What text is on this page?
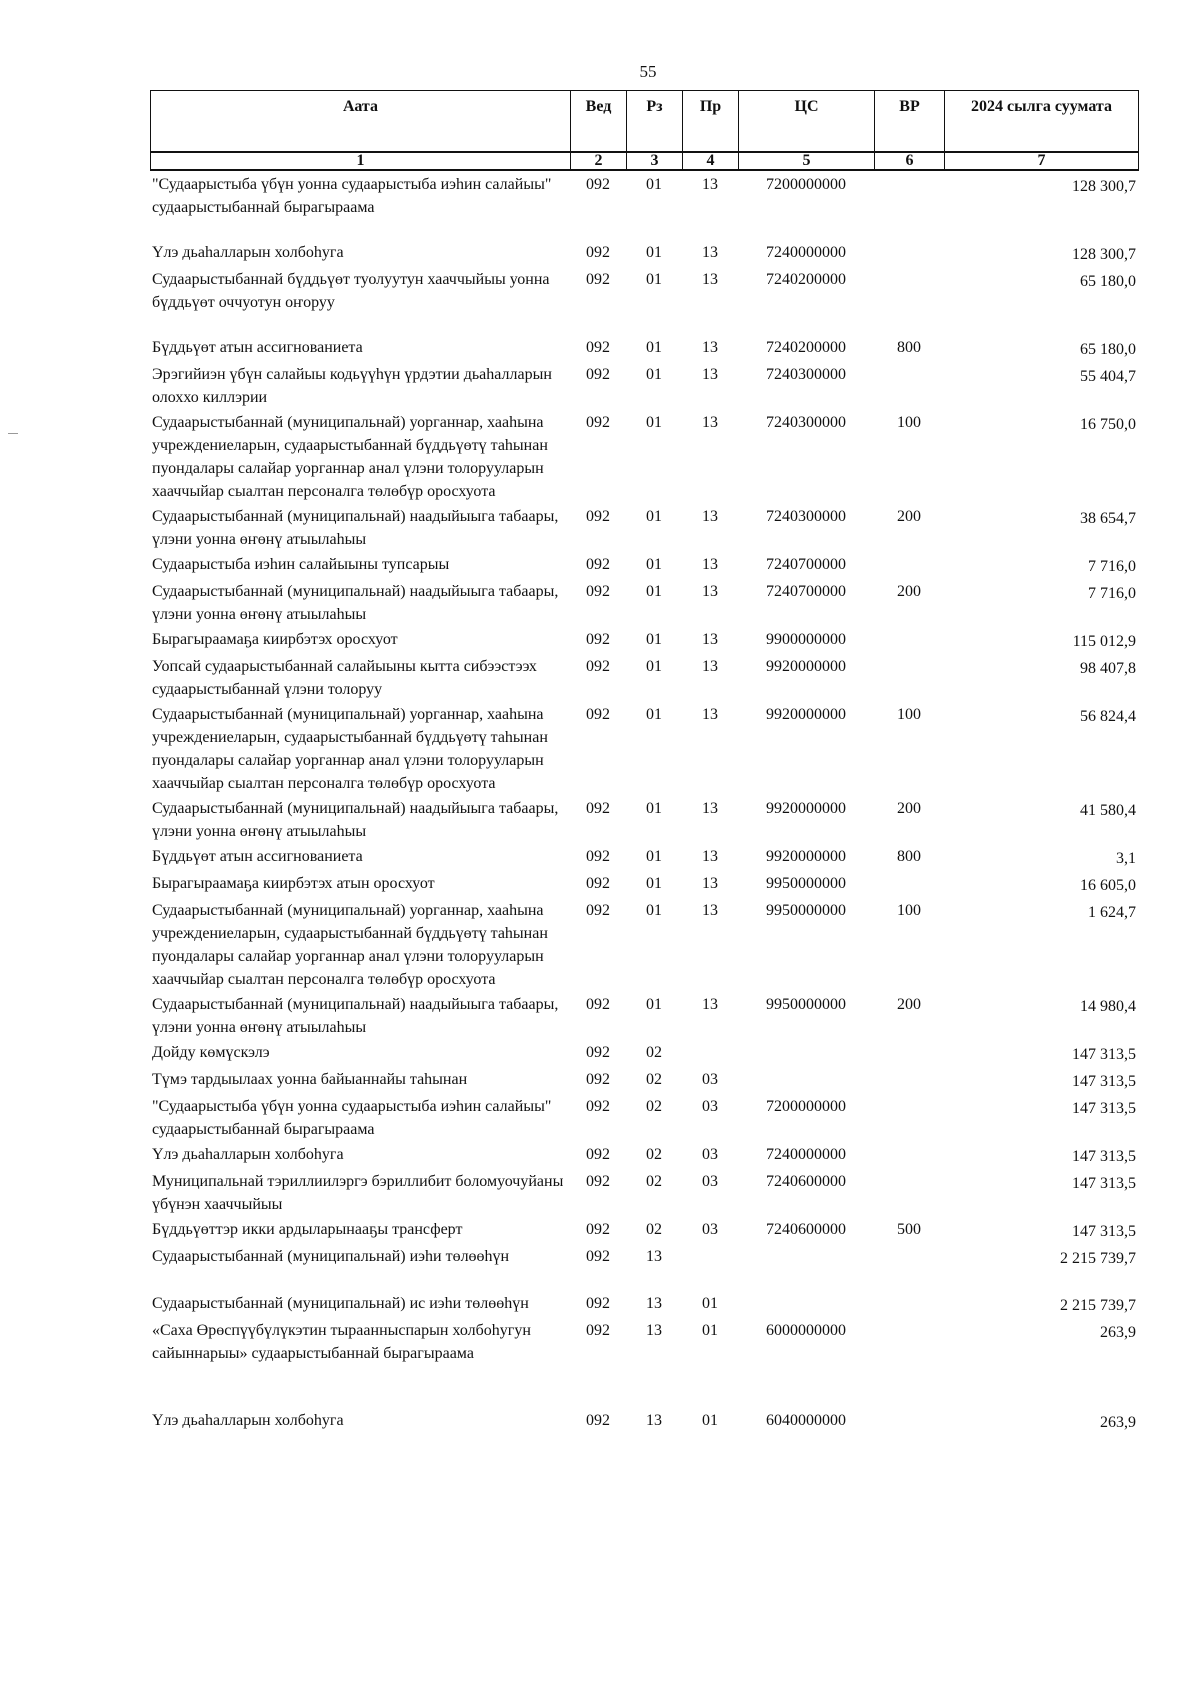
55
Аата	Вед	Рз	Пр	ЦС	ВР	2024 сылга суумата
1	2	3	4	5	6	7
"Судаарыстыба үбүн уонна судаарыстыба иэһин салайыы" судаарыстыбаннай бырагыраама	092	01	13	7200000000		128 300,7
Үлэ дьаһалларын холбоһуга	092	01	13	7240000000		128 300,7
Судаарыстыбаннай бүддьүөт туолуутун хааччыйыы уонна бүддьүөт оччуотун оҥоруу	092	01	13	7240200000		65 180,0
Бүддьүөт атын ассигнованиета	092	01	13	7240200000	800	65 180,0
Эрэгийиэн үбүн салайыы кодьүүһүн үрдэтии дьаһалларын олоххо киллэрии	092	01	13	7240300000		55 404,7
Судаарыстыбаннай (муниципальнай) уорганнар, хааһына учреждениеларын, судаарыстыбаннай бүддьүөтү таһынан пуондалары салайар уорганнар анал үлэни толорууларын хааччыйар сыалтан персоналга төлөбүр оросхуота	092	01	13	7240300000	100	16 750,0
Судаарыстыбаннай (муниципальнай) наадыйыыга табаары, үлэни уонна өҥөнү атыылаһыы	092	01	13	7240300000	200	38 654,7
Судаарыстыба иэһин салайыыны тупсарыы	092	01	13	7240700000		7 716,0
Судаарыстыбаннай (муниципальнай) наадыйыыга табаары, үлэни уонна өҥөнү атыылаһыы	092	01	13	7240700000	200	7 716,0
Бырагыраамаҕа киирбэтэх оросхуот	092	01	13	9900000000		115 012,9
Уопсай судаарыстыбаннай салайыыны кытта сибээстээх судаарыстыбаннай үлэни толоруу	092	01	13	9920000000		98 407,8
Судаарыстыбаннай (муниципальнай) уорганнар, хааһына учреждениеларын, судаарыстыбаннай бүддьүөтү таһынан пуондалары салайар уорганнар анал үлэни толорууларын хааччыйар сыалтан персоналга төлөбүр оросхуота	092	01	13	9920000000	100	56 824,4
Судаарыстыбаннай (муниципальнай) наадыйыыга табаары, үлэни уонна өҥөнү атыылаһыы	092	01	13	9920000000	200	41 580,4
Бүддьүөт атын ассигнованиета	092	01	13	9920000000	800	3,1
Бырагыраамаҕа киирбэтэх атын оросхуот	092	01	13	9950000000		16 605,0
Судаарыстыбаннай (муниципальнай) уорганнар, хааһына учреждениеларын, судаарыстыбаннай бүддьүөтү таһынан пуондалары салайар уорганнар анал үлэни толорууларын хааччыйар сыалтан персоналга төлөбүр оросхуота	092	01	13	9950000000	100	1 624,7
Судаарыстыбаннай (муниципальнай) наадыйыыга табаары, үлэни уонна өҥөнү атыылаһыы	092	01	13	9950000000	200	14 980,4
Дойду көмүскэлэ	092	02				147 313,5
Түмэ тардыылаах уонна байыаннайы таһынан	092	02	03			147 313,5
"Судаарыстыба үбүн уонна судаарыстыба иэһин салайыы" судаарыстыбаннай бырагыраама	092	02	03	7200000000		147 313,5
Үлэ дьаһалларын холбоһуга	092	02	03	7240000000		147 313,5
Муниципальнай тэриллиилэргэ бэриллибит боломуочуйаны үбүнэн хааччыйыы	092	02	03	7240600000		147 313,5
Бүддьүөттэр икки ардыларынааҕы трансферт	092	02	03	7240600000	500	147 313,5
Судаарыстыбаннай (муниципальнай) иэһи төлөөһүн	092	13				2 215 739,7
Судаарыстыбаннай (муниципальнай) ис иэһи төлөөһүн	092	13	01			2 215 739,7
«Саха Өрөспүүбүлүкэтин тыраанныспарын холбоһугун сайыннарыы» судаарыстыбаннай бырагыраама	092	13	01	6000000000		263,9
Үлэ дьаһалларын холбоһуга	092	13	01	6040000000		263,9
